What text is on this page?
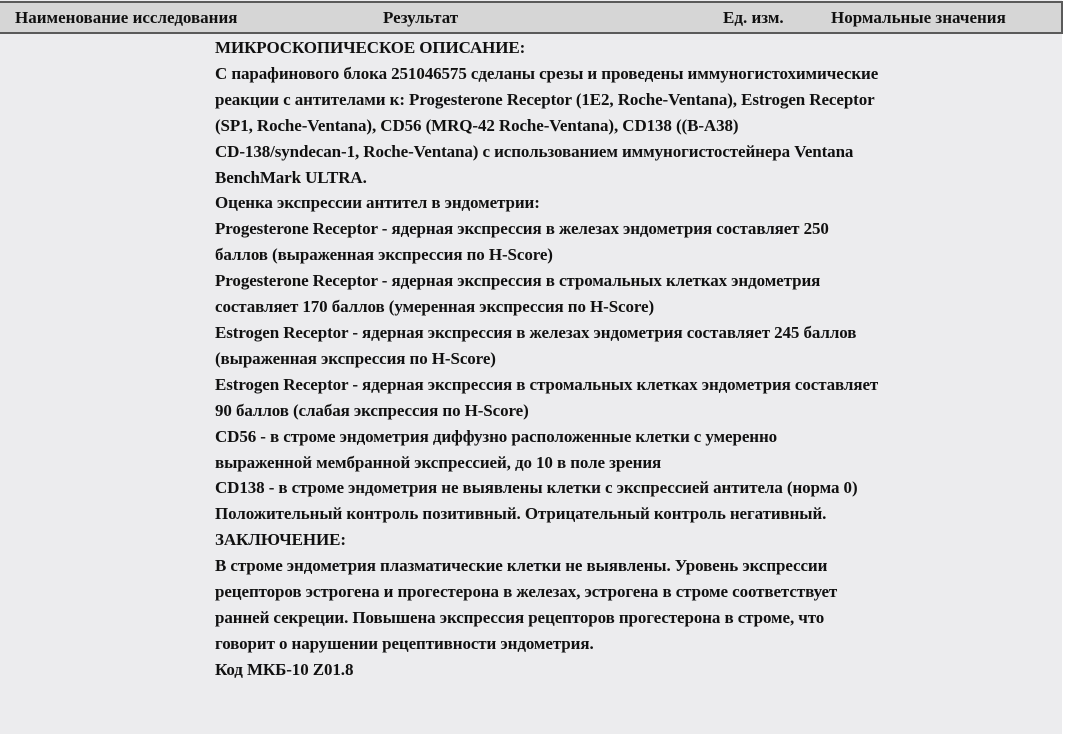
Наименование исследования	Результат	Ед. изм.	Нормальные значения
МИКРОСКОПИЧЕСКОЕ ОПИСАНИЕ:
С парафинового блока 251046575 сделаны срезы и проведены иммуногистохимические
реакции с антителами к: Progesterone Receptor (1E2, Roche-Ventana), Estrogen Receptor
(SP1, Roche-Ventana), CD56 (MRQ-42 Roche-Ventana), CD138 ((B-A38)
CD-138/syndecan-1, Roche-Ventana) с использованием иммуногистостейнера Ventana
BenchMark ULTRA.
Оценка экспрессии антител в эндометрии:
Progesterone Receptor - ядерная экспрессия в железах эндометрия составляет 250
баллов (выраженная экспрессия по H-Score)
Progesterone Receptor - ядерная экспрессия в стромальных клетках эндометрия
составляет 170 баллов (умеренная экспрессия по H-Score)
Estrogen Receptor - ядерная экспрессия в железах эндометрия составляет 245 баллов
(выраженная экспрессия по H-Score)
Estrogen Receptor - ядерная экспрессия в стромальных клетках эндометрия составляет
90 баллов (слабая экспрессия по H-Score)
CD56 - в строме эндометрия диффузно расположенные клетки с умеренно
выраженной мембранной экспрессией, до 10 в поле зрения
CD138 - в строме эндометрия не выявлены клетки с экспрессией антитела (норма 0)
Положительный контроль позитивный. Отрицательный контроль негативный.
ЗАКЛЮЧЕНИЕ:
В строме эндометрия плазматические клетки не выявлены. Уровень экспрессии
рецепторов эстрогена и прогестерона в железах, эстрогена в строме соответствует
ранней секреции. Повышена экспрессия рецепторов прогестерона в строме, что
говорит о нарушении рецептивности эндометрия.
Код МКБ-10 Z01.8
